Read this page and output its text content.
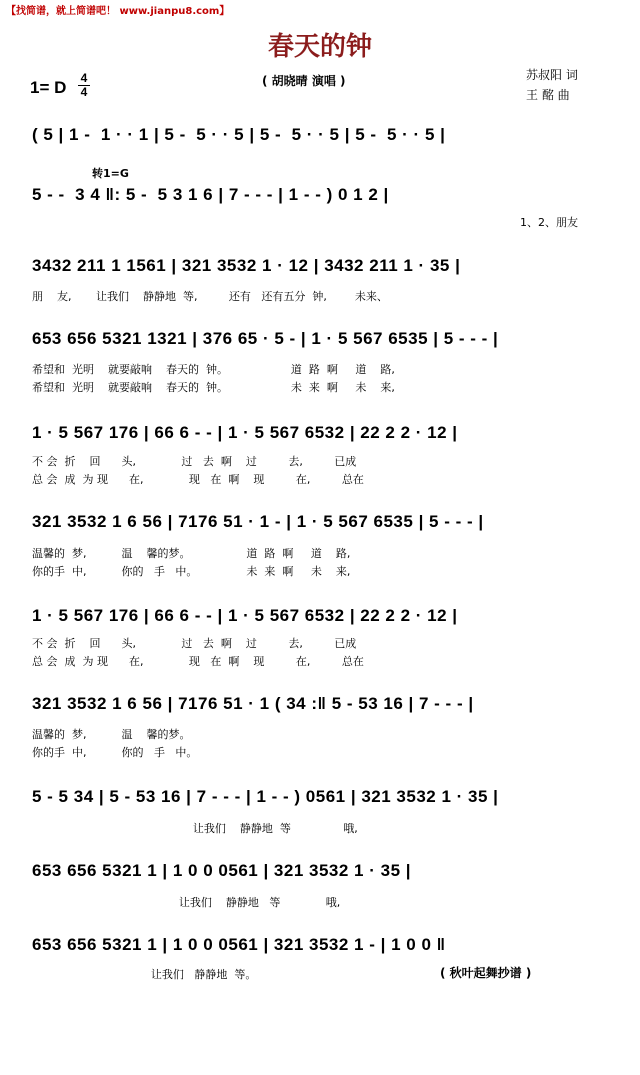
【找简谱，就上简谱吧！ www.jianpu8.com】
春天的钟
( 胡晓晴 演唱 )
1= D 4
4
苏叔阳 词
王 酩 曲
转1=G
( 5 | 1 -  1 · · 1 | 5 -  5 · · 5 | 5 -  5 · · 5 | 5 -  5 · · 5 |
5 - -  3 4 ‖: 5 -  5 3 1 6 | 7 - - - | 1 - - ) 0 1 2 |
1、2、朋友
3432 211 1 1561 | 321 3532 1 · 12 | 3432 211 1 · 35 |
朋    友,       让我们    静静地  等,         还有   还有五分  钟,        未来、
653 656 5321 1321 | 376 65 · 5 - | 1 · 5 567 6535 | 5 - - - |
希望和  光明    就要敲响    春天的  钟。                  道  路  啊     道    路,
希望和  光明    就要敲响    春天的  钟。                  未  来  啊     未    来,
1 · 5 567 176 | 66 6 - - | 1 · 5 567 6532 | 22 2 2 · 12 |
不 会  折    回      头,             过   去  啊    过         去,         已成
总 会  成  为 现      在,             现   在  啊    现         在,         总在
321 3532 1 6 56 | 7176 51 · 1 - | 1 · 5 567 6535 | 5 - - - |
温馨的  梦,          温    馨的梦。                道  路  啊     道    路,
你的手  中,          你的   手   中。              未  来  啊     未    来,
1 · 5 567 176 | 66 6 - - | 1 · 5 567 6532 | 22 2 2 · 12 |
不 会  折    回      头,             过   去  啊    过         去,         已成
总 会  成  为 现      在,             现   在  啊    现         在,         总在
321 3532 1 6 56 | 7176 51 · 1 ( 34 :‖ 5 - 53 16 | 7 - - - |
温馨的  梦,          温    馨的梦。
你的手  中,          你的   手   中。
5 - 5 34 | 5 - 53 16 | 7 - - - | 1 - - ) 0561 | 321 3532 1 · 35 |
让我们    静静地  等               哦,
653 656 5321 1 | 1 0 0 0561 | 321 3532 1 · 35 |
让我们    静静地   等             哦,
653 656 5321 1 | 1 0 0 0561 | 321 3532 1 - | 1 0 0 ‖
让我们   静静地  等。	( 秋叶起舞抄谱 )
